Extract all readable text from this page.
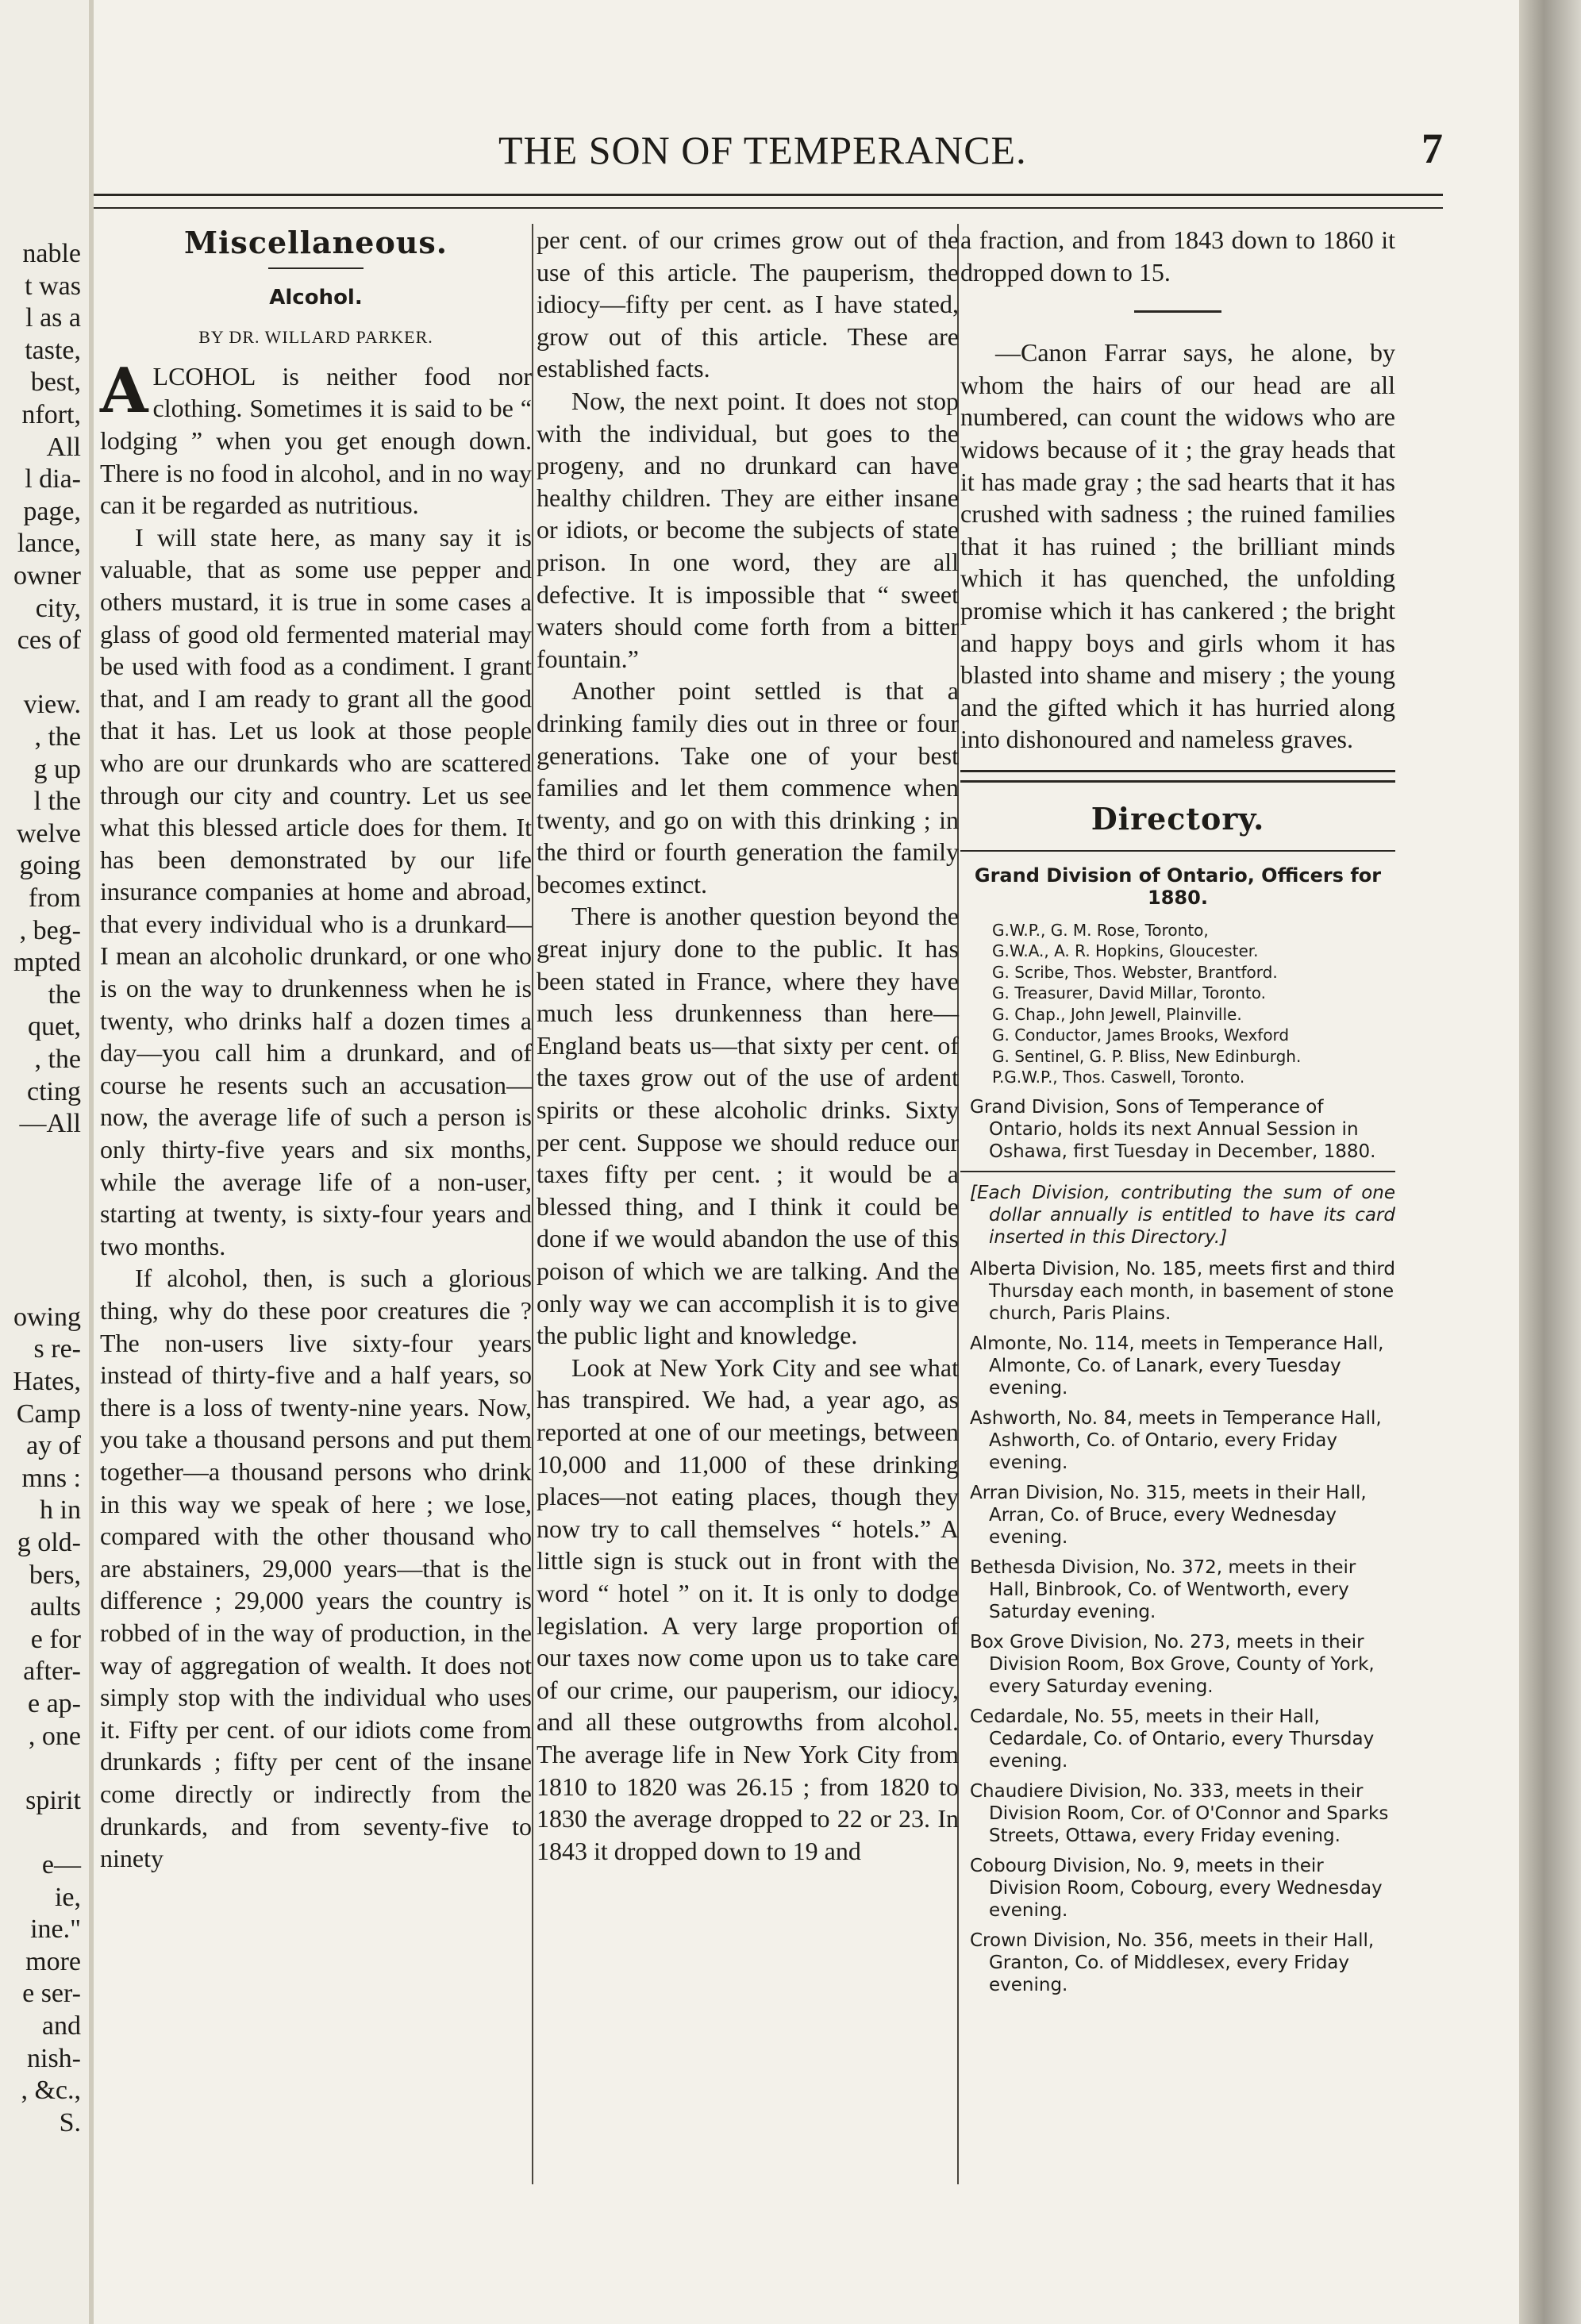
nable
t was
l as a
taste,
best,
nfort,
All
l dia-
page,
lance,
owner
city,
ces of
view.
, the
g up
l the
welve
going
from
, beg-
mpted
the
quet,
, the
cting
—All
owing
s re-
Hates,
Camp
ay of
mns :
h in
g old-
bers,
aults
e for
after-
e ap-
, one
spirit
e—
ie,
ine."
more
e ser-
and
nish-
, &c.,
S.
THE SON OF TEMPERANCE.	7
Miscellaneous.
Alcohol.
BY DR. WILLARD PARKER.

ALCOHOL is neither food nor clothing. Sometimes it is said to be “ lodging ” when you get enough down. There is no food in alcohol, and in no way can it be regarded as nutritious.

I will state here, as many say it is valuable, that as some use pepper and others mustard, it is true in some cases a glass of good old fermented material may be used with food as a condiment. I grant that, and I am ready to grant all the good that it has. Let us look at those people who are our drunkards who are scattered through our city and country. Let us see what this blessed article does for them. It has been demonstrated by our life insurance companies at home and abroad, that every individual who is a drunkard—I mean an alcoholic drunkard, or one who is on the way to drunkenness when he is twenty, who drinks half a dozen times a day—you call him a drunkard, and of course he resents such an accusation—now, the average life of such a person is only thirty-five years and six months, while the average life of a non-user, starting at twenty, is sixty-four years and two months.

If alcohol, then, is such a glorious thing, why do these poor creatures die ? The non-users live sixty-four years instead of thirty-five and a half years, so there is a loss of twenty-nine years. Now, you take a thousand persons and put them together—a thousand persons who drink in this way we speak of here ; we lose, compared with the other thousand who are abstainers, 29,000 years—that is the difference ; 29,000 years the country is robbed of in the way of production, in the way of aggregation of wealth. It does not simply stop with the individual who uses it. Fifty per cent. of our idiots come from drunkards ; fifty per cent of the insane come directly or indirectly from the drunkards, and from seventy-five to ninety

per cent. of our crimes grow out of the use of this article. The pauperism, the idiocy—fifty per cent. as I have stated, grow out of this article. These are established facts.

Now, the next point. It does not stop with the individual, but goes to the progeny, and no drunkard can have healthy children. They are either insane or idiots, or become the subjects of state prison. In one word, they are all defective. It is impossible that “ sweet waters should come forth from a bitter fountain.”

Another point settled is that a drinking family dies out in three or four generations. Take one of your best families and let them commence when twenty, and go on with this drinking ; in the third or fourth generation the family becomes extinct.

There is another question beyond the great injury done to the public. It has been stated in France, where they have much less drunkenness than here—England beats us—that sixty per cent. of the taxes grow out of the use of ardent spirits or these alcoholic drinks. Sixty per cent. Suppose we should reduce our taxes fifty per cent. ; it would be a blessed thing, and I think it could be done if we would abandon the use of this poison of which we are talking. And the only way we can accomplish it is to give the public light and knowledge.

Look at New York City and see what has transpired. We had, a year ago, as reported at one of our meetings, between 10,000 and 11,000 of these drinking places—not eating places, though they now try to call themselves “ hotels.” A little sign is stuck out in front with the word “ hotel ” on it. It is only to dodge legislation. A very large proportion of our taxes now come upon us to take care of our crime, our pauperism, our idiocy, and all these outgrowths from alcohol. The average life in New York City from 1810 to 1820 was 26.15 ; from 1820 to 1830 the average dropped to 22 or 23. In 1843 it dropped down to 19 and

a fraction, and from 1843 down to 1860 it dropped down to 15.

—Canon Farrar says, he alone, by whom the hairs of our head are all numbered, can count the widows who are widows because of it ; the gray heads that it has made gray ; the sad hearts that it has crushed with sadness ; the ruined families that it has ruined ; the brilliant minds which it has quenched, the unfolding promise which it has cankered ; the bright and happy boys and girls whom it has blasted into shame and misery ; the young and the gifted which it has hurried along into dishonoured and nameless graves.

Directory.
Grand Division of Ontario, Officers for 1880.
G.W.P., G. M. Rose, Toronto,
G.W.A., A. R. Hopkins, Gloucester.
G. Scribe, Thos. Webster, Brantford.
G. Treasurer, David Millar, Toronto.
G. Chap., John Jewell, Plainville.
G. Conductor, James Brooks, Wexford
G. Sentinel, G. P. Bliss, New Edinburgh.
P.G.W.P., Thos. Caswell, Toronto.
Grand Division, Sons of Temperance of Ontario, holds its next Annual Session in Oshawa, first Tuesday in December, 1880.
[Each Division, contributing the sum of one dollar annually is entitled to have its card inserted in this Directory.]
Alberta Division, No. 185, meets first and third Thursday each month, in basement of stone church, Paris Plains.
Almonte, No. 114, meets in Temperance Hall, Almonte, Co. of Lanark, every Tuesday evening.
Ashworth, No. 84, meets in Temperance Hall, Ashworth, Co. of Ontario, every Friday evening.
Arran Division, No. 315, meets in their Hall, Arran, Co. of Bruce, every Wednesday evening.
Bethesda Division, No. 372, meets in their Hall, Binbrook, Co. of Wentworth, every Saturday evening.
Box Grove Division, No. 273, meets in their Division Room, Box Grove, County of York, every Saturday evening.
Cedardale, No. 55, meets in their Hall, Cedardale, Co. of Ontario, every Thursday evening.
Chaudiere Division, No. 333, meets in their Division Room, Cor. of O'Connor and Sparks Streets, Ottawa, every Friday evening.
Cobourg Division, No. 9, meets in their Division Room, Cobourg, every Wednesday evening.
Crown Division, No. 356, meets in their Hall, Granton, Co. of Middlesex, every Friday evening.
